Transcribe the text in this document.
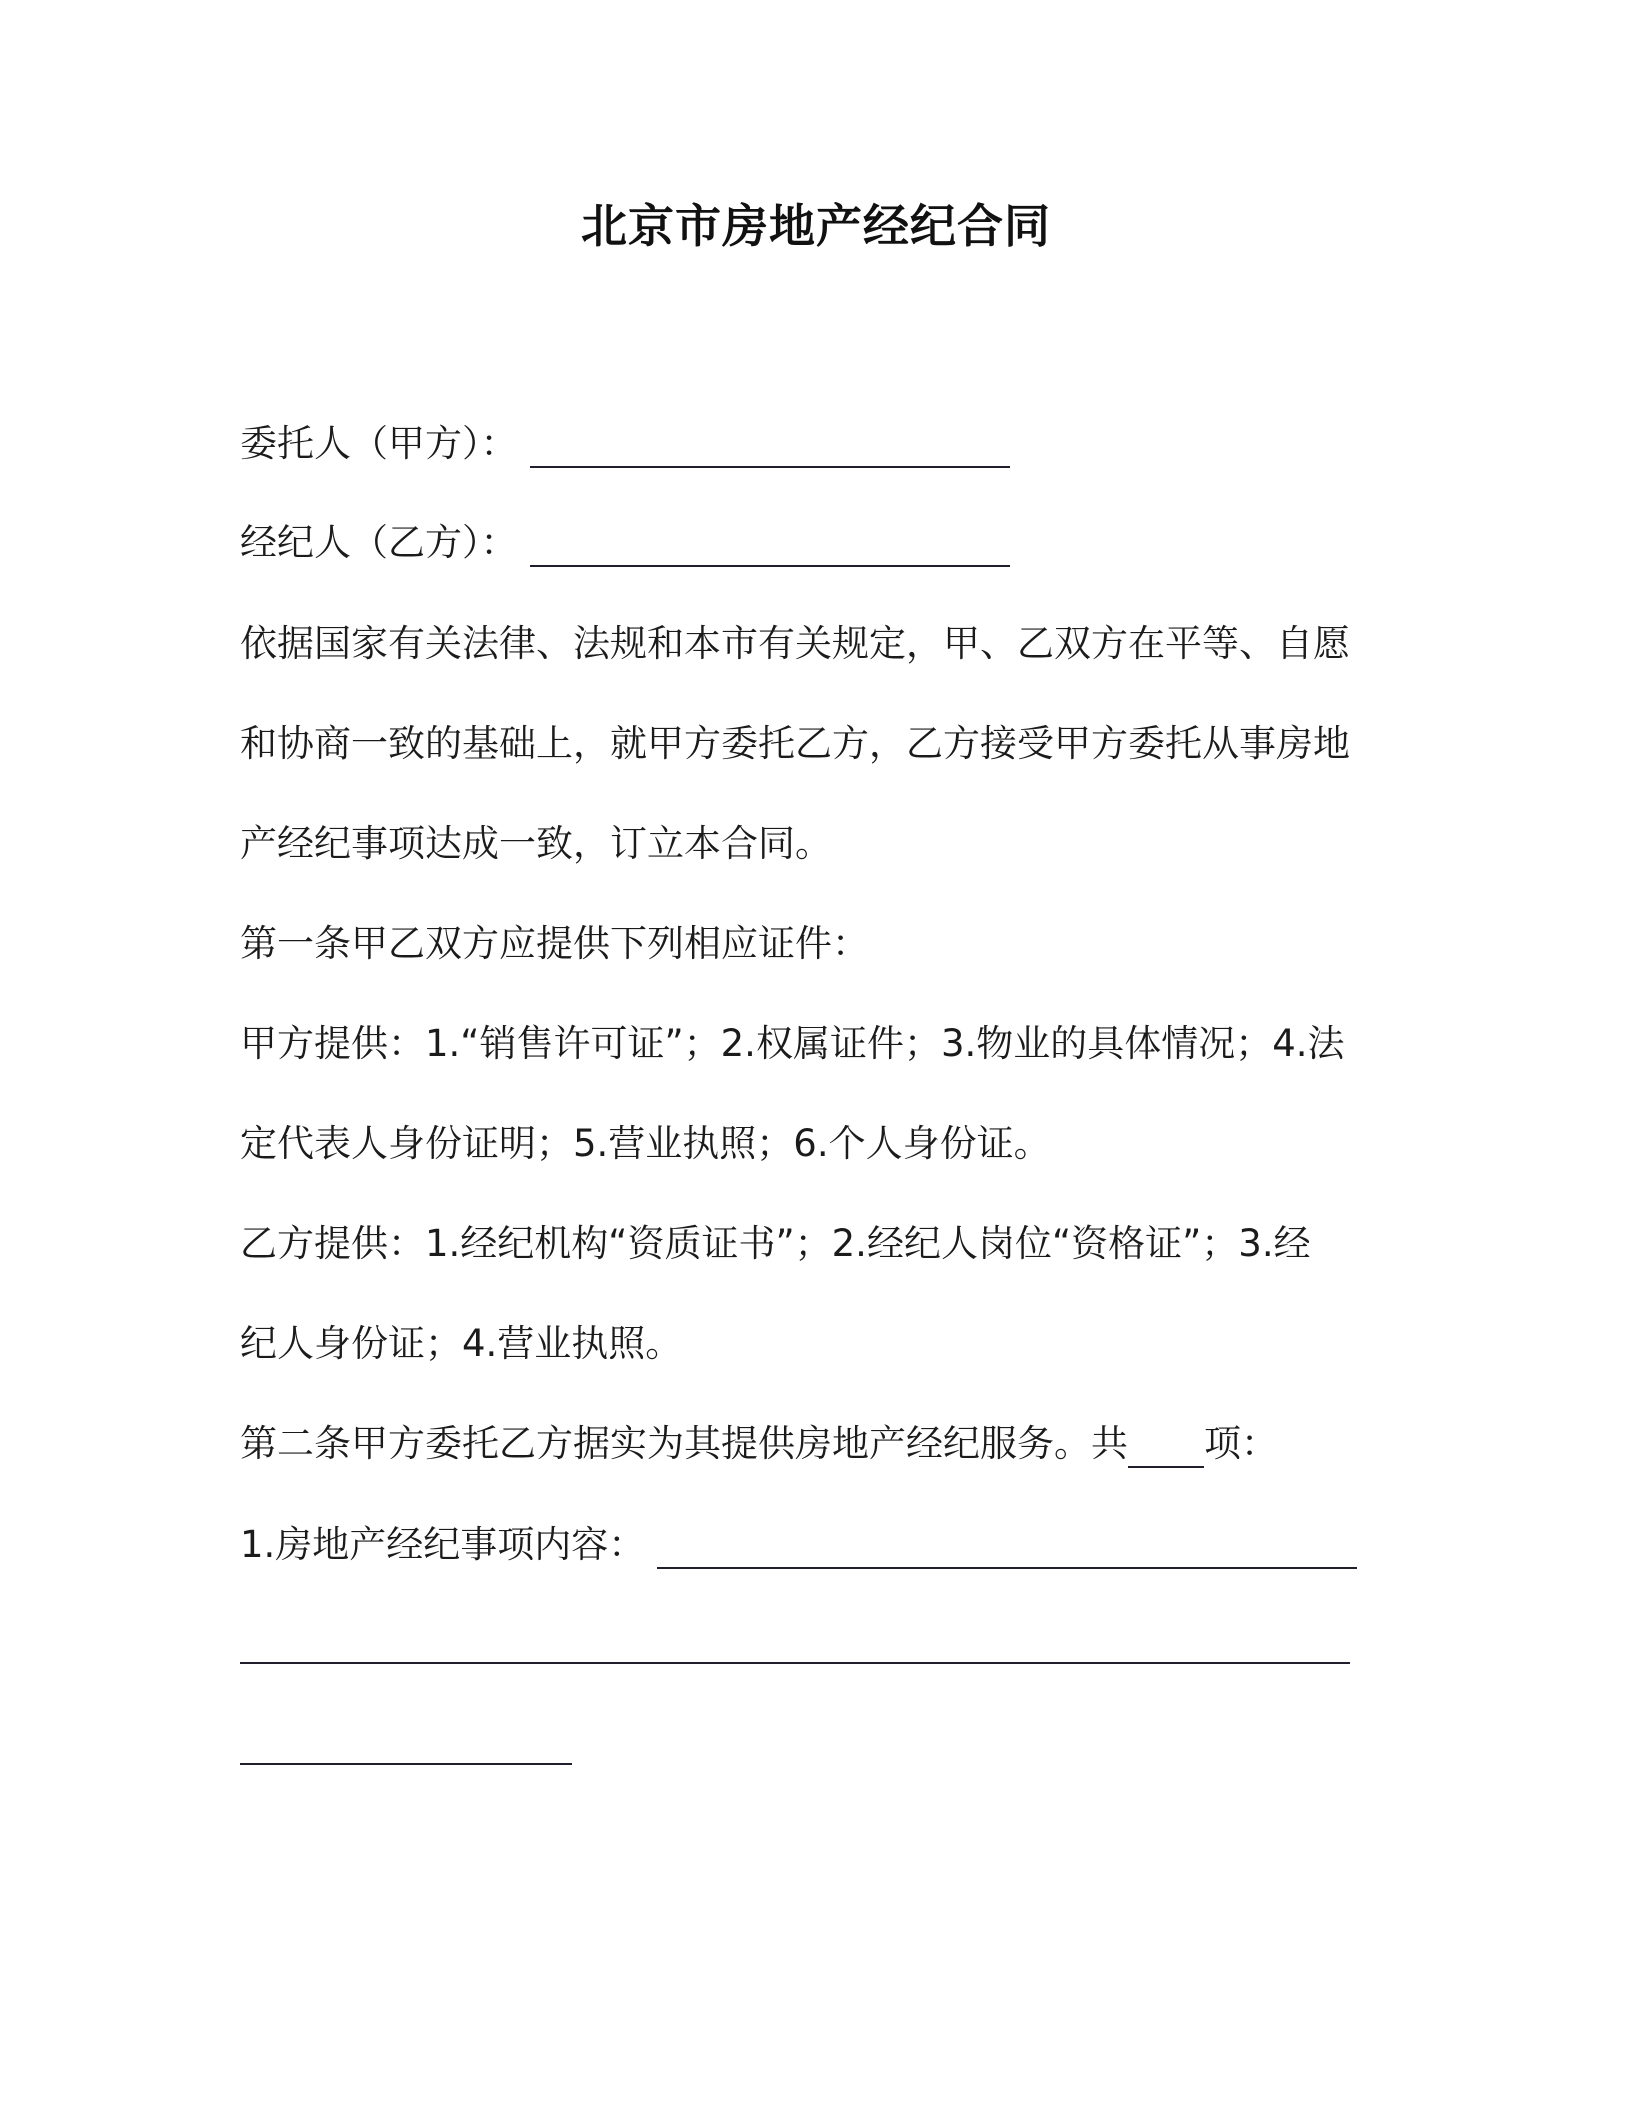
北京市房地产经纪合同
委托人（甲方）：
经纪人（乙方）：
依据国家有关法律、法规和本市有关规定，甲、乙双方在平等、自愿
和协商一致的基础上，就甲方委托乙方，乙方接受甲方委托从事房地
产经纪事项达成一致，订立本合同。
第一条甲乙双方应提供下列相应证件：
甲方提供：1.“销售许可证”；2.权属证件；3.物业的具体情况；4.法
定代表人身份证明；5.营业执照；6.个人身份证。
乙方提供：1.经纪机构“资质证书”；2.经纪人岗位“资格证”；3.经
纪人身份证；4.营业执照。
第二条甲方委托乙方据实为其提供房地产经纪服务。共 项：
1.房地产经纪事项内容：
